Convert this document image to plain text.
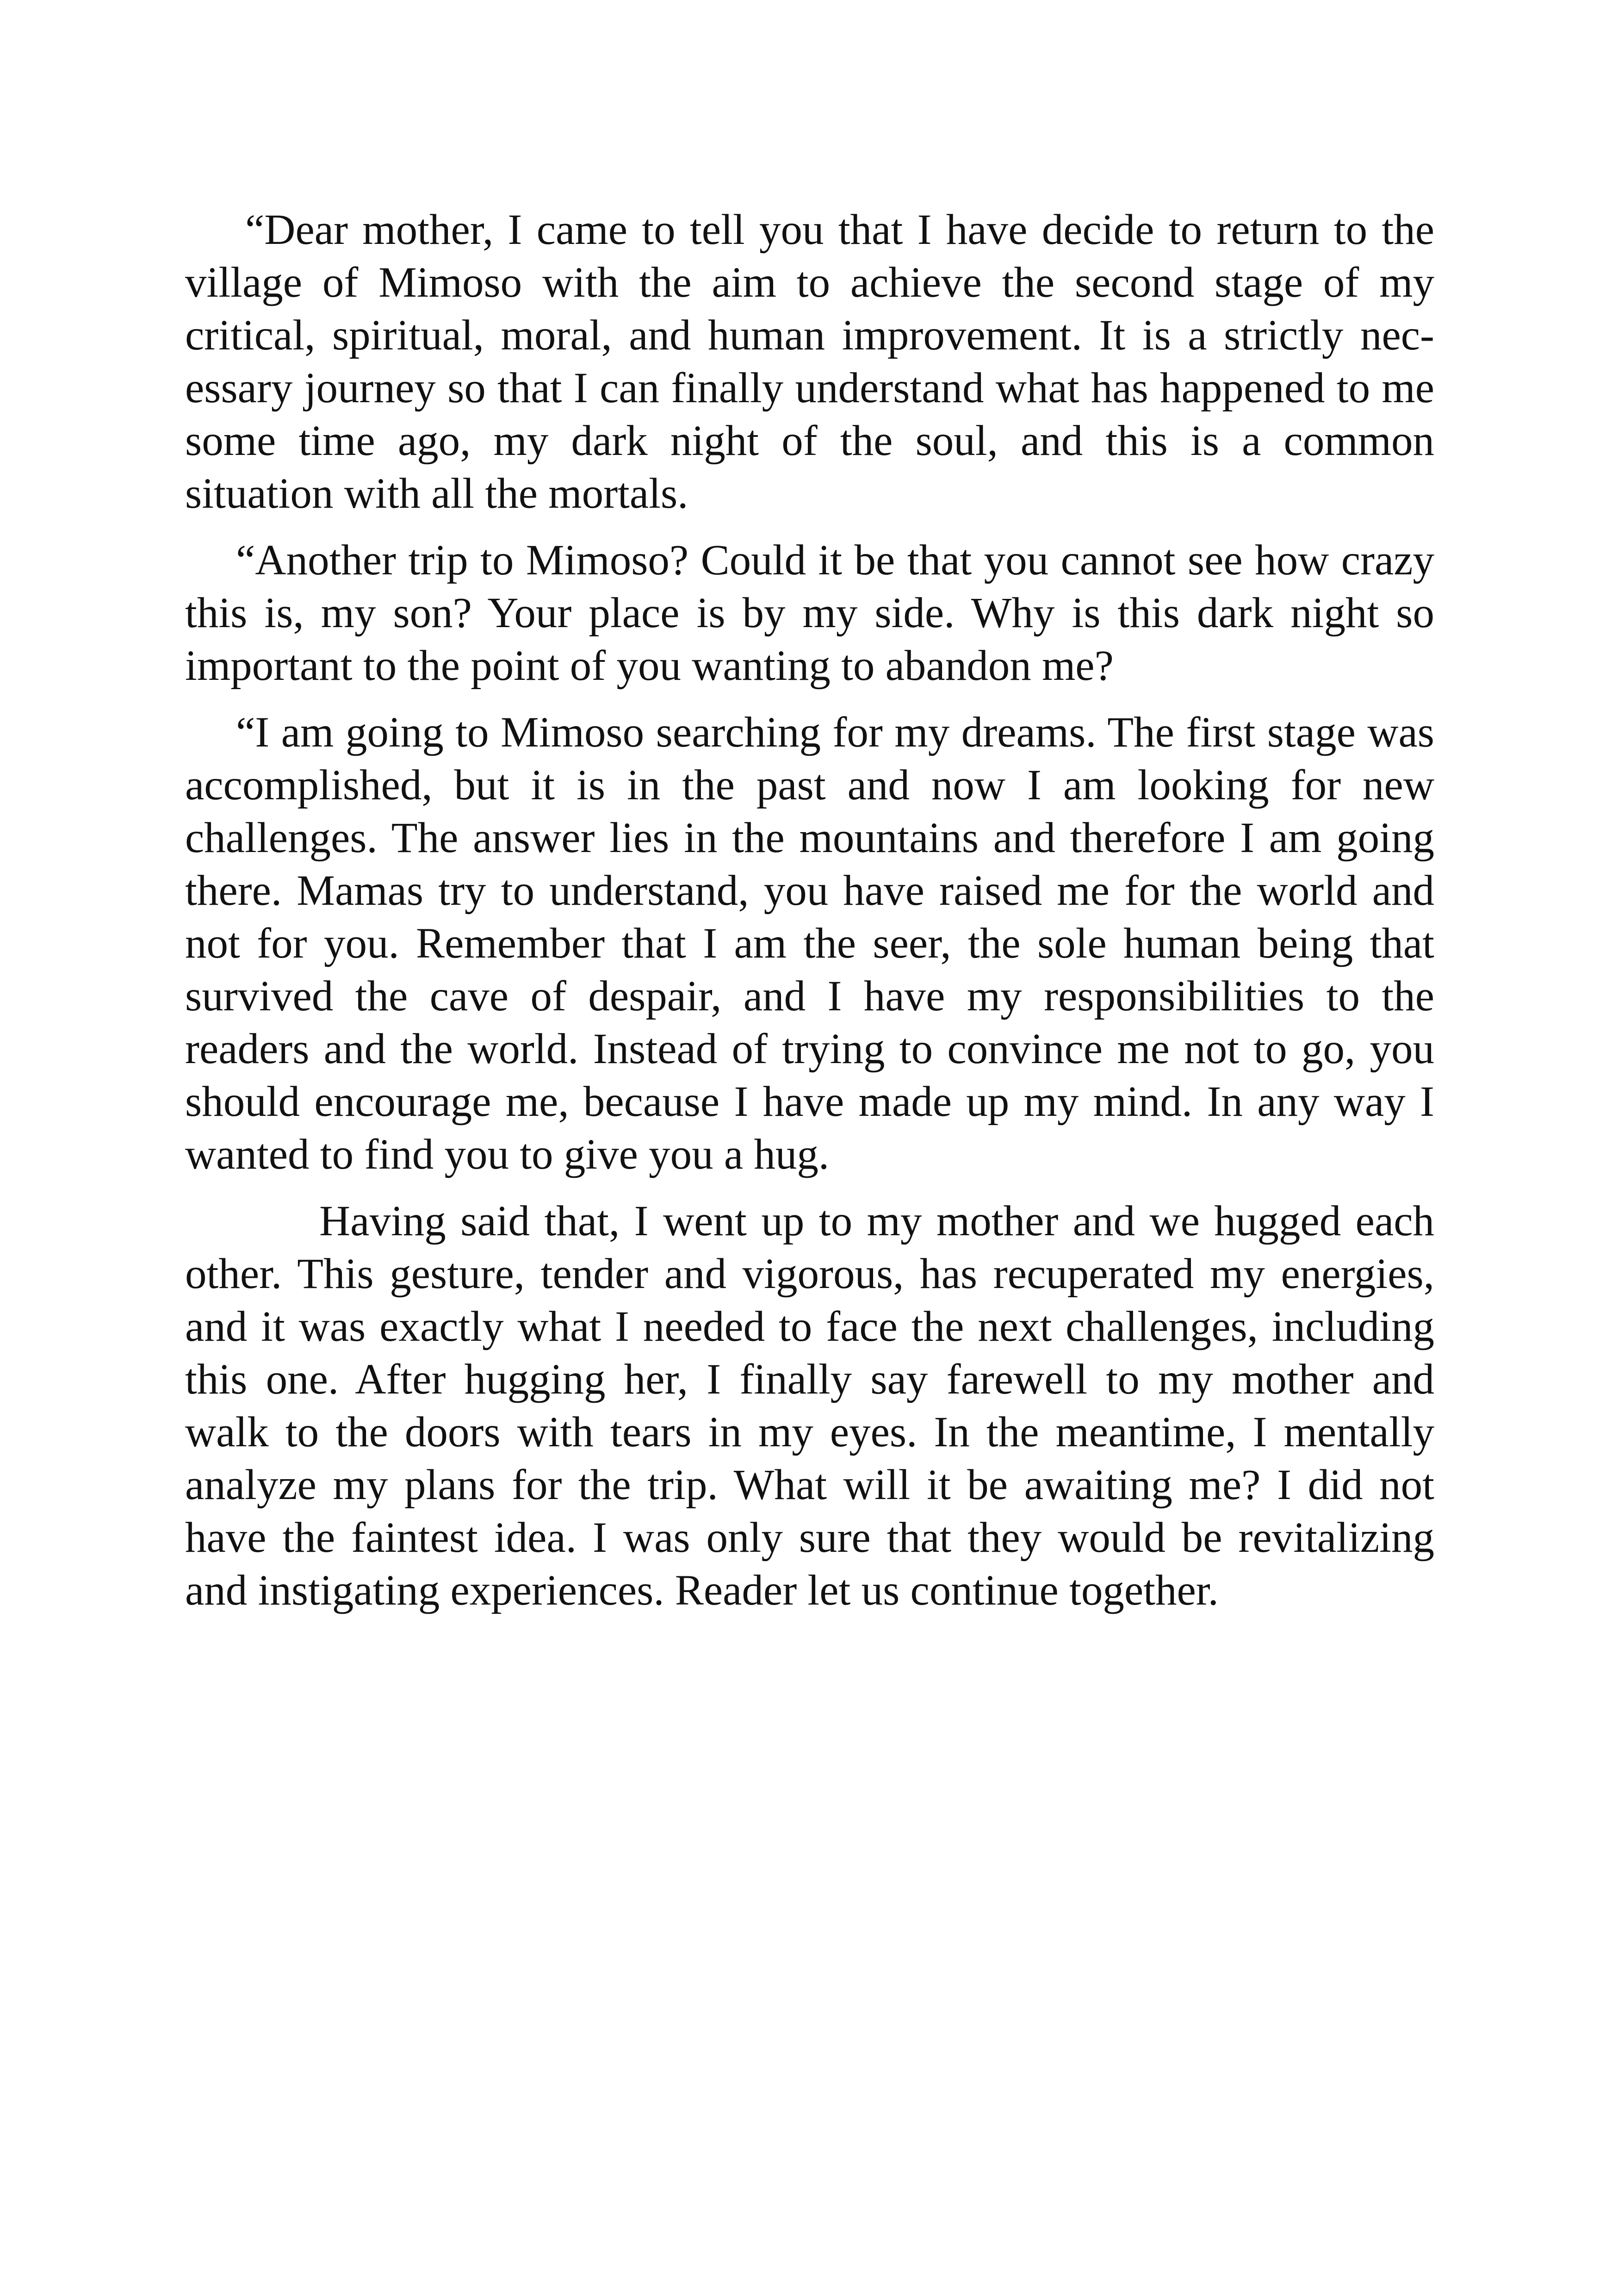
“Dear mother, I came to tell you that I have decide to return to the village of Mimoso with the aim to achieve the second stage of my critical, spiritual, moral, and human improvement. It is a strictly necessary journey so that I can finally understand what has happened to me some time ago, my dark night of the soul, and this is a common situation with all the mortals.

“Another trip to Mimoso? Could it be that you cannot see how crazy this is, my son? Your place is by my side. Why is this dark night so important to the point of you wanting to abandon me?

“I am going to Mimoso searching for my dreams. The first stage was accomplished, but it is in the past and now I am looking for new challenges. The answer lies in the mountains and therefore I am going there. Mamas try to understand, you have raised me for the world and not for you. Remember that I am the seer, the sole human being that survived the cave of despair, and I have my responsibilities to the readers and the world. Instead of trying to convince me not to go, you should encourage me, because I have made up my mind. In any way I wanted to find you to give you a hug.

Having said that, I went up to my mother and we hugged each other. This gesture, tender and vigorous, has recuperated my energies, and it was exactly what I needed to face the next challenges, including this one. After hugging her, I finally say farewell to my mother and walk to the doors with tears in my eyes. In the meantime, I mentally analyze my plans for the trip. What will it be awaiting me? I did not have the faintest idea. I was only sure that they would be revitalizing and instigating experiences. Reader let us continue together.
